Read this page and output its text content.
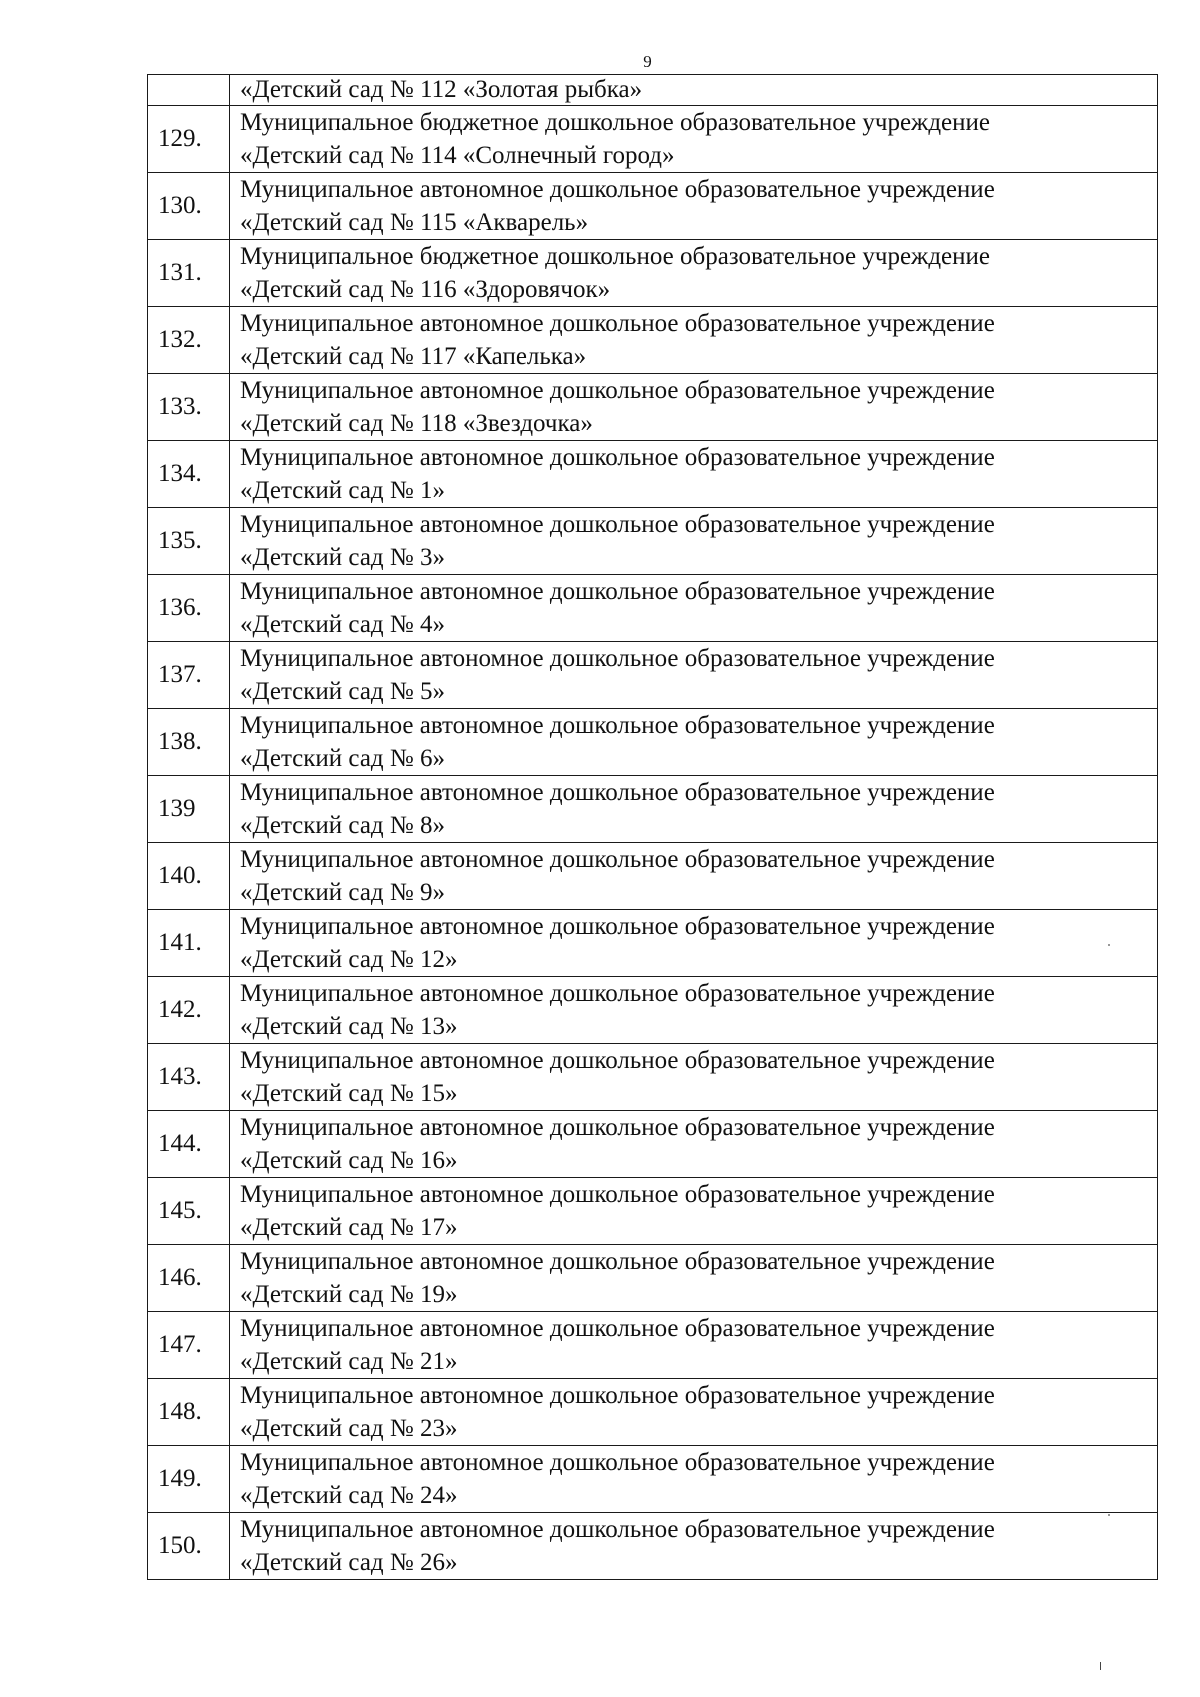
9

	«Детский сад № 112 «Золотая рыбка»

129.	Муниципальное бюджетное дошкольное образовательное учреждение
«Детский сад № 114 «Солнечный город»

130.	Муниципальное автономное дошкольное образовательное учреждение
«Детский сад № 115 «Акварель»

131.	Муниципальное бюджетное дошкольное образовательное учреждение
«Детский сад № 116 «Здоровячок»

132.	Муниципальное автономное дошкольное образовательное учреждение
«Детский сад № 117 «Капелька»

133.	Муниципальное автономное дошкольное образовательное учреждение
«Детский сад № 118 «Звездочка»

134.	Муниципальное автономное дошкольное образовательное учреждение
«Детский сад № 1»

135.	Муниципальное автономное дошкольное образовательное учреждение
«Детский сад № 3»

136.	Муниципальное автономное дошкольное образовательное учреждение
«Детский сад № 4»

137.	Муниципальное автономное дошкольное образовательное учреждение
«Детский сад № 5»

138.	Муниципальное автономное дошкольное образовательное учреждение
«Детский сад № 6»

139	Муниципальное автономное дошкольное образовательное учреждение
«Детский сад № 8»

140.	Муниципальное автономное дошкольное образовательное учреждение
«Детский сад № 9»

141.	Муниципальное автономное дошкольное образовательное учреждение
«Детский сад № 12»

142.	Муниципальное автономное дошкольное образовательное учреждение
«Детский сад № 13»

143.	Муниципальное автономное дошкольное образовательное учреждение
«Детский сад № 15»

144.	Муниципальное автономное дошкольное образовательное учреждение
«Детский сад № 16»

145.	Муниципальное автономное дошкольное образовательное учреждение
«Детский сад № 17»

146.	Муниципальное автономное дошкольное образовательное учреждение
«Детский сад № 19»

147.	Муниципальное автономное дошкольное образовательное учреждение
«Детский сад № 21»

148.	Муниципальное автономное дошкольное образовательное учреждение
«Детский сад № 23»

149.	Муниципальное автономное дошкольное образовательное учреждение
«Детский сад № 24»

150.	Муниципальное автономное дошкольное образовательное учреждение
«Детский сад № 26»
